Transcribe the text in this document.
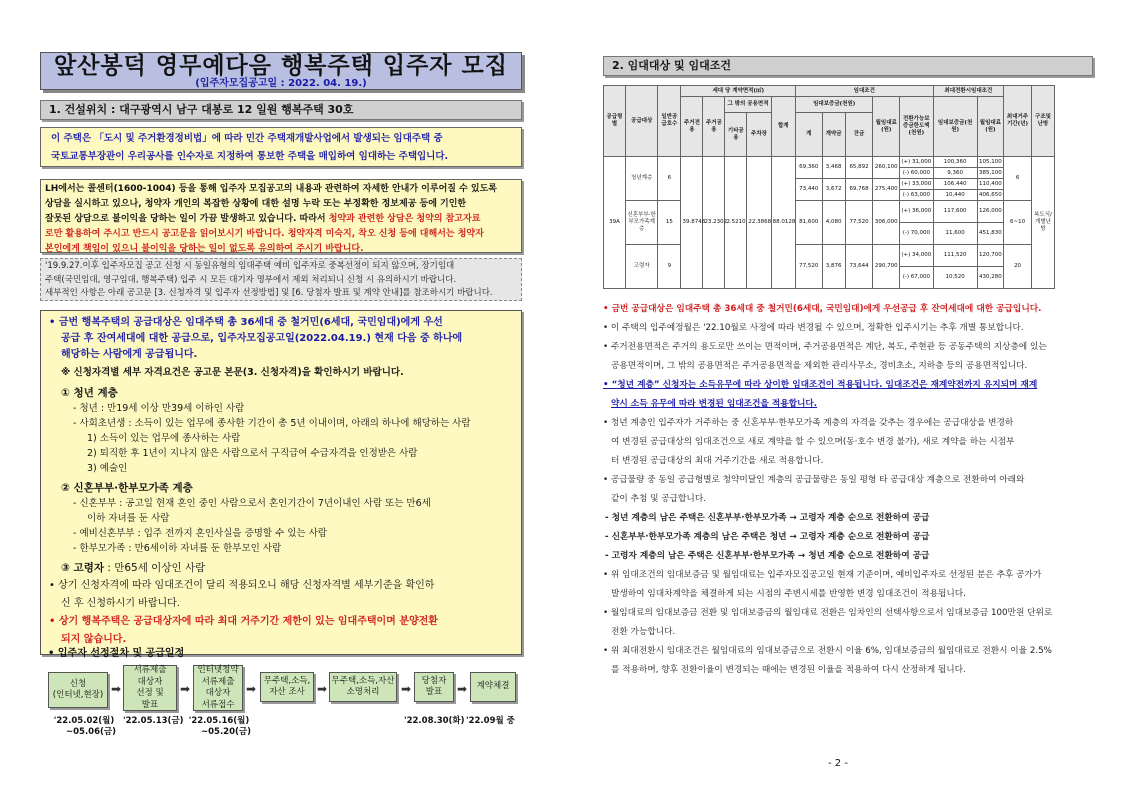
앞산봉덕 영무예다음 행복주택 입주자 모집
(입주자모집공고일 : 2022. 04. 19.)
1. 건설위치 : 대구광역시 남구 대봉로 12 일원 행복주택 30호
이 주택은 「도시 및 주거환경정비법」에 따라 민간 주택재개발사업에서 발생되는 임대주택 중
국토교통부장관이 우리공사를 인수자로 지정하여 통보한 주택을 매입하여 임대하는 주택입니다.
LH에서는 콜센터(1600-1004) 등을 통해 입주자 모집공고의 내용과 관련하여 자세한 안내가 이루어질 수 있도록
상담을 실시하고 있으나, 청약자 개인의 복잡한 상황에 대한 설명 누락 또는 부정확한 정보제공 등에 기인한
잘못된 상담으로 불이익을 당하는 일이 가끔 발생하고 있습니다. 따라서 청약과 관련한 상담은 청약의 참고자료
로만 활용하여 주시고 반드시 공고문을 읽어보시기 바랍니다. 청약자격 미숙지, 착오 신청 등에 대해서는 청약자
본인에게 책임이 있으니 불이익을 당하는 일이 없도록 유의하여 주시기 바랍니다.
'19.9.27.이후 입주자모집 공고 신청 시 동일유형의 임대주택 예비 입주자로 중복선정이 되지 않으며, 장기임대
주택(국민임대, 영구임대, 행복주택) 입주 시 모든 대기자 명부에서 제외 처리되니 신청 시 유의하시기 바랍니다.
세부적인 사항은 아래 공고문 [3. 신청자격 및 입주자 선정방법] 및 [6. 당첨자 발표 및 계약 안내]를 참조하시기 바랍니다.
• 금번 행복주택의 공급대상은 임대주택 총 36세대 중 철거민(6세대, 국민임대)에게 우선
공급 후 잔여세대에 대한 공급으로, 입주자모집공고일(2022.04.19.) 현재 다음 중 하나에
해당하는 사람에게 공급됩니다.
※ 신청자격별 세부 자격요건은 공고문 본문(3. 신청자격)을 확인하시기 바랍니다.
① 청년 계층
- 청년 : 만19세 이상 만39세 이하인 사람
- 사회초년생 : 소득이 있는 업무에 종사한 기간이 총 5년 이내이며, 아래의 하나에 해당하는 사람
1) 소득이 있는 업무에 종사하는 사람
2) 퇴직한 후 1년이 지나지 않은 사람으로서 구직급여 수급자격을 인정받은 사람
3) 예술인
② 신혼부부·한부모가족 계층
- 신혼부부 : 공고일 현재 혼인 중인 사람으로서 혼인기간이 7년이내인 사람 또는 만6세
이하 자녀를 둔 사람
- 예비신혼부부 : 입주 전까지 혼인사실을 증명할 수 있는 사람
- 한부모가족 : 만6세이하 자녀를 둔 한부모인 사람
③ 고령자 : 만65세 이상인 사람
• 상기 신청자격에 따라 임대조건이 달리 적용되오니 해당 신청자격별 세부기준을 확인하
신 후 신청하시기 바랍니다.
• 상기 행복주택은 공급대상자에 따라 최대 거주기간 제한이 있는 임대주택이며 분양전환
되지 않습니다.
• 입주자 선정절차 및 공급일정
신청
(인터넷,현장) ➡
서류제출
대상자
선정 및
발표
➡
인터넷청약
서류제출
대상자
서류접수
➡
무주택,소득,
자산 조사 ➡
무주택,소득,자산
소명처리 ➡
당첨자
발표 ➡ 계약체결
'22.05.02(월)
~05.06(금)
'22.05.13(금) '22.05.16(월)
~05.20(금)
'22.08.30(화) '22.09월 중
2. 임대대상 및 임대조건
공급형별	공급대상	일반공급호수	세대 당 계약면적(㎡)					임대조건					최대전환시임대조건		최대거주기간(년)	구조및난방
			주거전용	주거공용	그 밖의 공용면적		합계	임대보증금(천원)			월임대료(원)	전환가능보증금한도액(천원)	임대보증금(천원)	월임대료(원)		
					기타공용	주차장		계	계약금	잔금						

39A	청년계층	6	39.8748	23.2302	2.5210	22.3868	88.0128	69,360	3,468	65,892	260,100	(+) 31,000	100,360	105,100	6	복도식/개별난방
												(-) 60,000	9,360	385,100		
								73,440	3,672	69,768	275,400	(+) 33,000	106,440	110,400		
												(-) 63,000	10,440	406,650		
	신혼부부·한부모가족계층	15						81,600	4,080	77,520	306,000	(+) 36,000	117,600	126,000	6~10	

												(-) 70,000	11,600	451,830		

	고령자	9						77,520	3,876	73,644	290,700	(+) 34,000	111,520	120,700	20	

												(-) 67,000	10,520	430,280		

• 금번 공급대상은 임대주택 총 36세대 중 철거민(6세대, 국민임대)에게 우선공급 후 잔여세대에 대한 공급입니다.
• 이 주택의 입주예정월은 '22.10월로 사정에 따라 변경될 수 있으며, 정확한 입주시기는 추후 개별 통보합니다.
• 주거전용면적은 주거의 용도로만 쓰이는 면적이며, 주거공용면적은 계단, 복도, 주현관 등 공동주택의 지상층에 있는
공용면적이며, 그 밖의 공용면적은 주거공용면적을 제외한 관리사무소, 경비초소, 지하층 등의 공용면적입니다.
• “청년 계층” 신청자는 소득유무에 따라 상이한 임대조건이 적용됩니다. 임대조건은 재계약전까지 유지되며 재계
약시 소득 유무에 따라 변경된 임대조건을 적용합니다.
• 청년 계층인 입주자가 거주하는 중 신혼부부·한부모가족 계층의 자격을 갖추는 경우에는 공급대상을 변경하
여 변경된 공급대상의 임대조건으로 새로 계약을 할 수 있으며(동·호수 변경 불가), 새로 계약을 하는 시점부
터 변경된 공급대상의 최대 거주기간을 새로 적용합니다.
• 공급물량 중 동일 공급형별로 청약미달인 계층의 공급물량은 동일 평형 타 공급대상 계층으로 전환하여 아래와
같이 추첨 및 공급합니다.
- 청년 계층의 남은 주택은 신혼부부·한부모가족 → 고령자 계층 순으로 전환하여 공급
- 신혼부부·한부모가족 계층의 남은 주택은 청년 → 고령자 계층 순으로 전환하여 공급
- 고령자 계층의 남은 주택은 신혼부부·한부모가족 → 청년 계층 순으로 전환하여 공급
• 위 임대조건의 임대보증금 및 월임대료는 입주자모집공고일 현재 기준이며, 예비입주자로 선정된 분은 추후 공가가
발생하여 임대차계약을 체결하게 되는 시점의 주변시세를 반영한 변경 임대조건이 적용됩니다.
• 월임대료의 임대보증금 전환 및 임대보증금의 월임대료 전환은 임차인의 선택사항으로서 임대보증금 100만원 단위로
전환 가능합니다.
• 위 최대전환시 임대조건은 월임대료의 임대보증금으로 전환시 이율 6%, 임대보증금의 월임대료로 전환시 이율 2.5%
를 적용하며, 향후 전환이율이 변경되는 때에는 변경된 이율을 적용하여 다시 산정하게 됩니다.
- 2 -
